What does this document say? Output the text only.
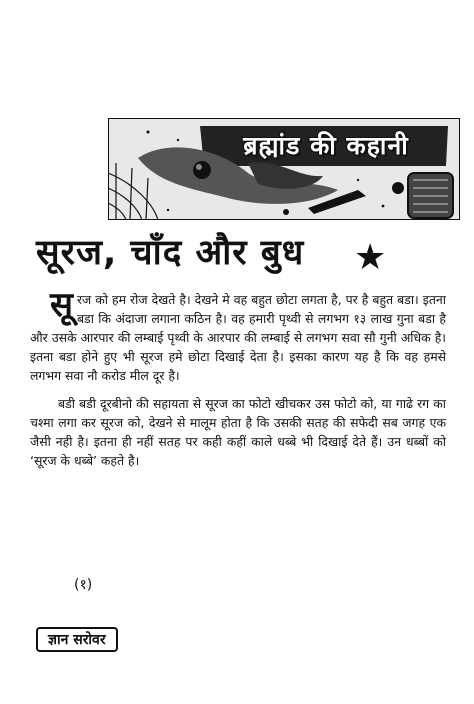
ब्रह्मांड की कहानी
सूरज, चाँद और बुध ★

सूरज को हम रोज देखते है। देखने मे वह बहुत छोटा लगता है, पर है बहुत बडा। इतना बडा कि अंदाजा लगाना कठिन है। वह हमारी पृथ्वी से लगभग १३ लाख गुना बडा है और उसके आरपार की लम्बाई पृथ्वी के आरपार की लम्बाई से लगभग सवा सौ गुनी अधिक है। इतना बडा होने हुए भी सूरज हमे छोटा दिखाई देता है। इसका कारण यह है कि वह हमसे लगभग सवा नौ करोड मील दूर है।

बडी बडी दूरबीनो की सहायता से सूरज का फोटो खीचकर उस फोटो को, या गाढे रग का चश्मा लगा कर सूरज को, देखने से मालूम होता है कि उसकी सतह की सफेदी सब जगह एक जैसी नही है। इतना ही नहीं सतह पर कही कहीं काले धब्बे भी दिखाई देते हैं। उन धब्बों को ‘सूरज के धब्बे’ कहते है।

(१)
ज्ञान सरोवर
